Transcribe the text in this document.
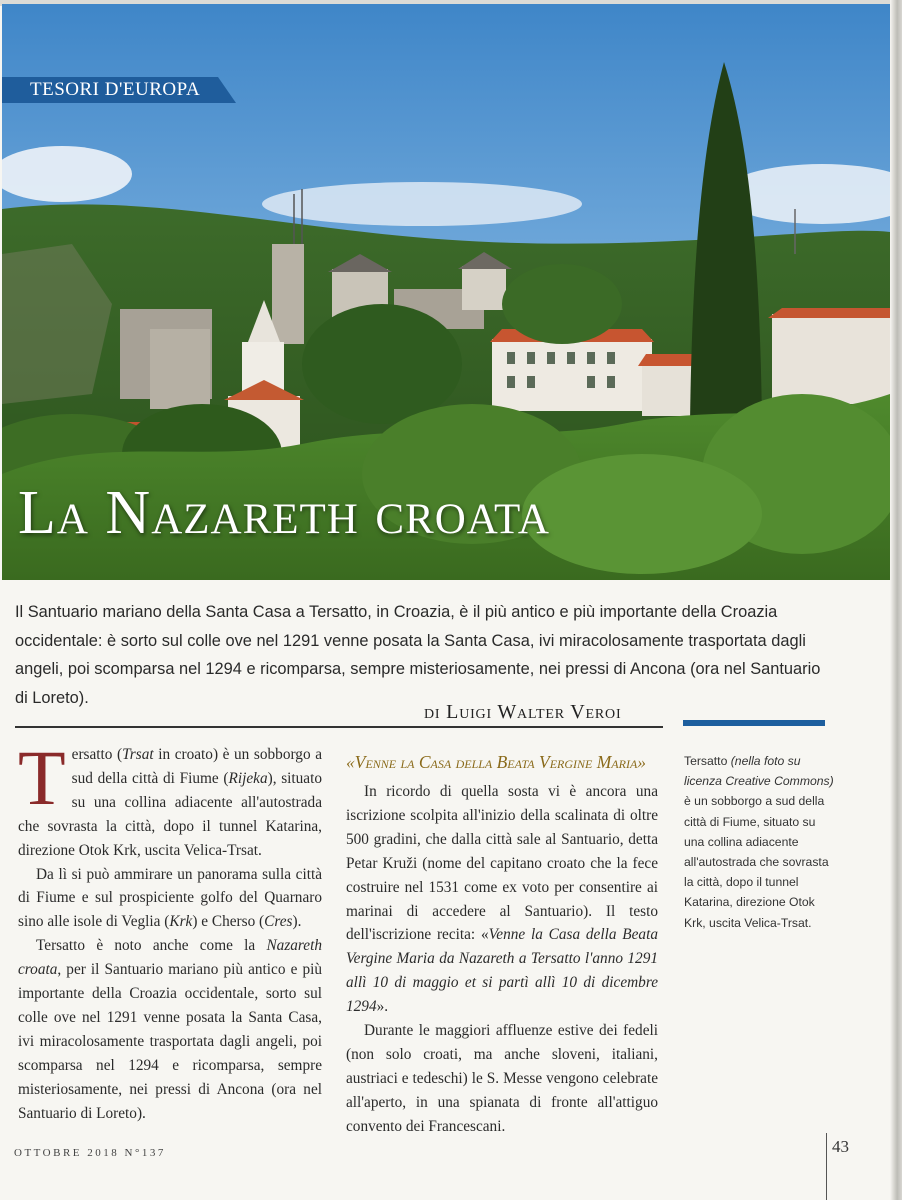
TESORI D'EUROPA
La Nazareth croata
Il Santuario mariano della Santa Casa a Tersatto, in Croazia, è il più antico e più importante della Croazia occidentale: è sorto sul colle ove nel 1291 venne posata la Santa Casa, ivi miracolosamente trasportata dagli angeli, poi scomparsa nel 1294 e ricomparsa, sempre misteriosamente, nei pressi di Ancona (ora nel Santuario di Loreto).
di Luigi Walter Veroi

Tersatto (Trsat in croato) è un sobborgo a sud della città di Fiume (Rijeka), situato su una collina adiacente all'autostrada che sovrasta la città, dopo il tunnel Katarina, direzione Otok Krk, uscita Velica-Trsat.

Da lì si può ammirare un panorama sulla città di Fiume e sul prospiciente golfo del Quarnaro sino alle isole di Veglia (Krk) e Cherso (Cres).

Tersatto è noto anche come la Nazareth croata, per il Santuario mariano più antico e più importante della Croazia occidentale, sorto sul colle ove nel 1291 venne posata la Santa Casa, ivi miracolosamente trasportata dagli angeli, poi scomparsa nel 1294 e ricomparsa, sempre misteriosamente, nei pressi di Ancona (ora nel Santuario di Loreto).

«Venne la Casa della Beata Vergine Maria»

In ricordo di quella sosta vi è ancora una iscrizione scolpita all'inizio della scalinata di oltre 500 gradini, che dalla città sale al Santuario, detta Petar Kruži (nome del capitano croato che la fece costruire nel 1531 come ex voto per consentire ai marinai di accedere al Santuario). Il testo dell'iscrizione recita: «Venne la Casa della Beata Vergine Maria da Nazareth a Tersatto l'anno 1291 allì 10 di maggio et si partì allì 10 di dicembre 1294».

Durante le maggiori affluenze estive dei fedeli (non solo croati, ma anche sloveni, italiani, austriaci e tedeschi) le S. Messe vengono celebrate all'aperto, in una spianata di fronte all'attiguo convento dei Francescani.

Tersatto (nella foto su licenza Creative Commons) è un sobborgo a sud della città di Fiume, situato su una collina adiacente all'autostrada che sovrasta la città, dopo il tunnel Katarina, direzione Otok Krk, uscita Velica-Trsat.
OTTOBRE 2018 N°137	43
